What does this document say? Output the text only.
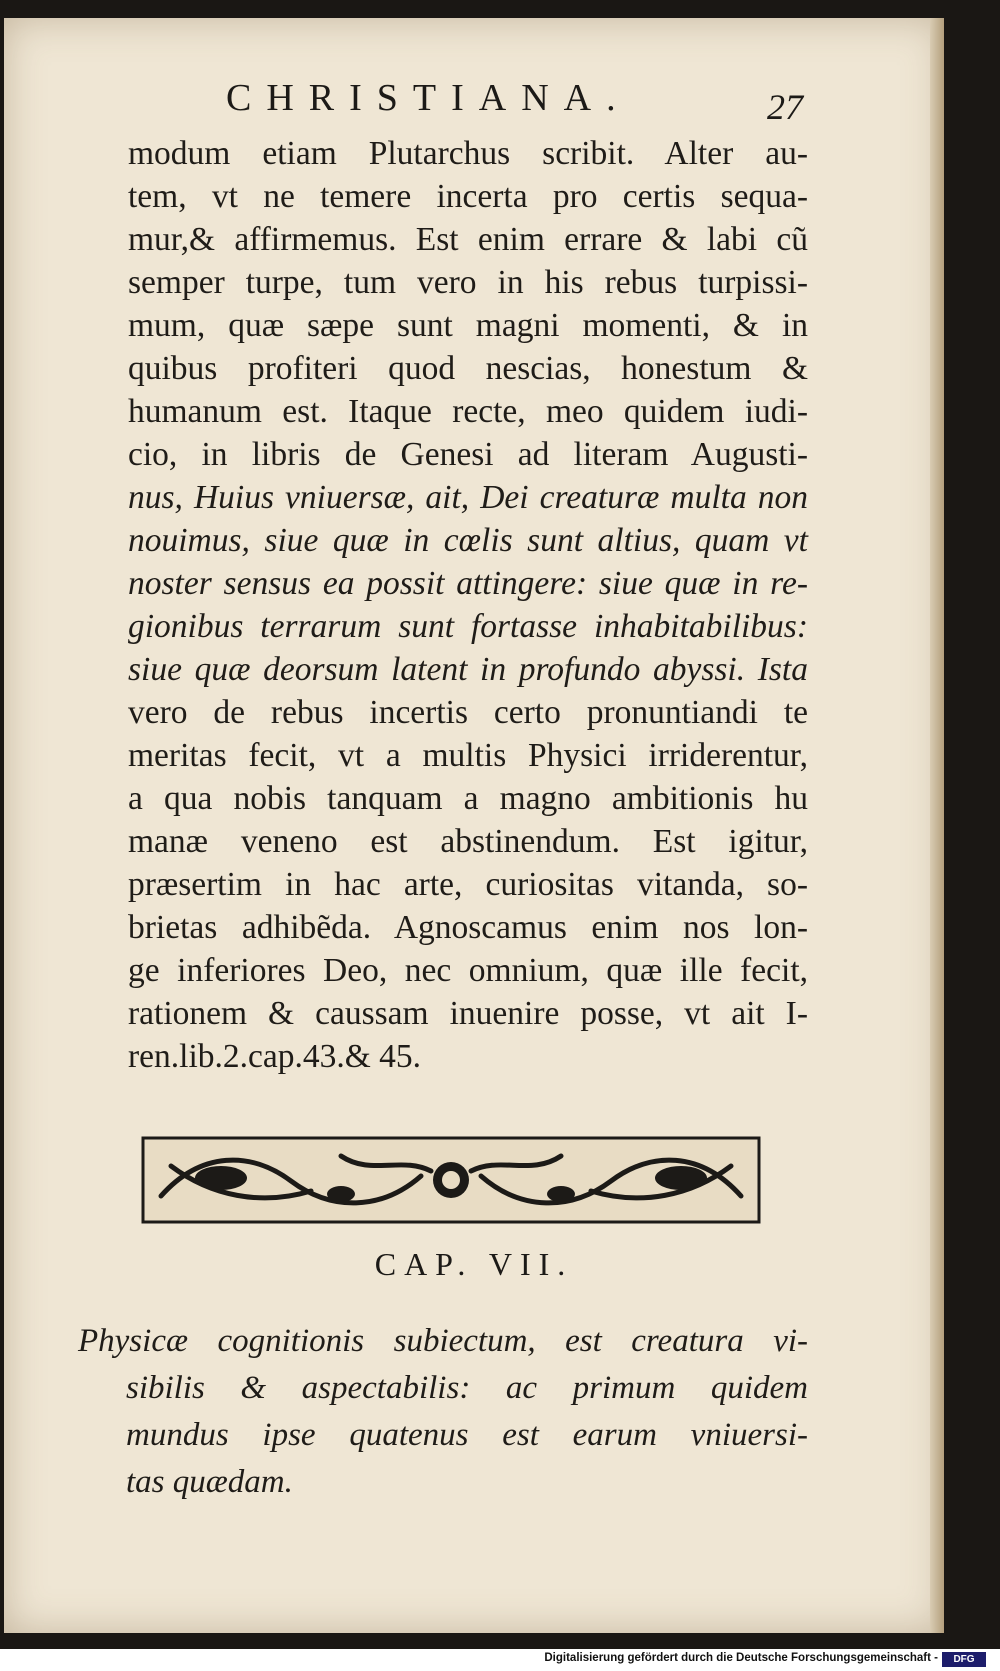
CHRISTIANA.	27
modum etiam Plutarchus scribit. Alter au-
tem, vt ne temere incerta pro certis sequa-
mur,& affirmemus. Est enim errare & labi cũ
semper turpe, tum vero in his rebus turpissi-
mum, quæ sæpe sunt magni momenti, & in
quibus profiteri quod nescias, honestum &
humanum est. Itaque recte, meo quidem iudi-
cio, in libris de Genesi ad literam Augusti-
nus, Huius vniuersæ, ait, Dei creaturæ multa non
nouimus, siue quæ in cœlis sunt altius, quam vt
noster sensus ea possit attingere: siue quæ in re-
gionibus terrarum sunt fortasse inhabitabilibus:
siue quæ deorsum latent in profundo abyssi. Ista
vero de rebus incertis certo pronuntiandi te
meritas fecit, vt a multis Physici irriderentur,
a qua nobis tanquam a magno ambitionis hu
manæ veneno est abstinendum. Est igitur,
præsertim in hac arte, curiositas vitanda, so-
brietas adhibẽda. Agnoscamus enim nos lon-
ge inferiores Deo, nec omnium, quæ ille fecit,
rationem & caussam inuenire posse, vt ait I-
ren.lib.2.cap.43.& 45.
CAP. VII.
Physicæ cognitionis subiectum, est creatura vi-
sibilis & aspectabilis: ac primum quidem
mundus ipse quatenus est earum vniuersi-
tas quædam.
Digitalisierung gefördert durch die Deutsche Forschungsgemeinschaft -	DFG
